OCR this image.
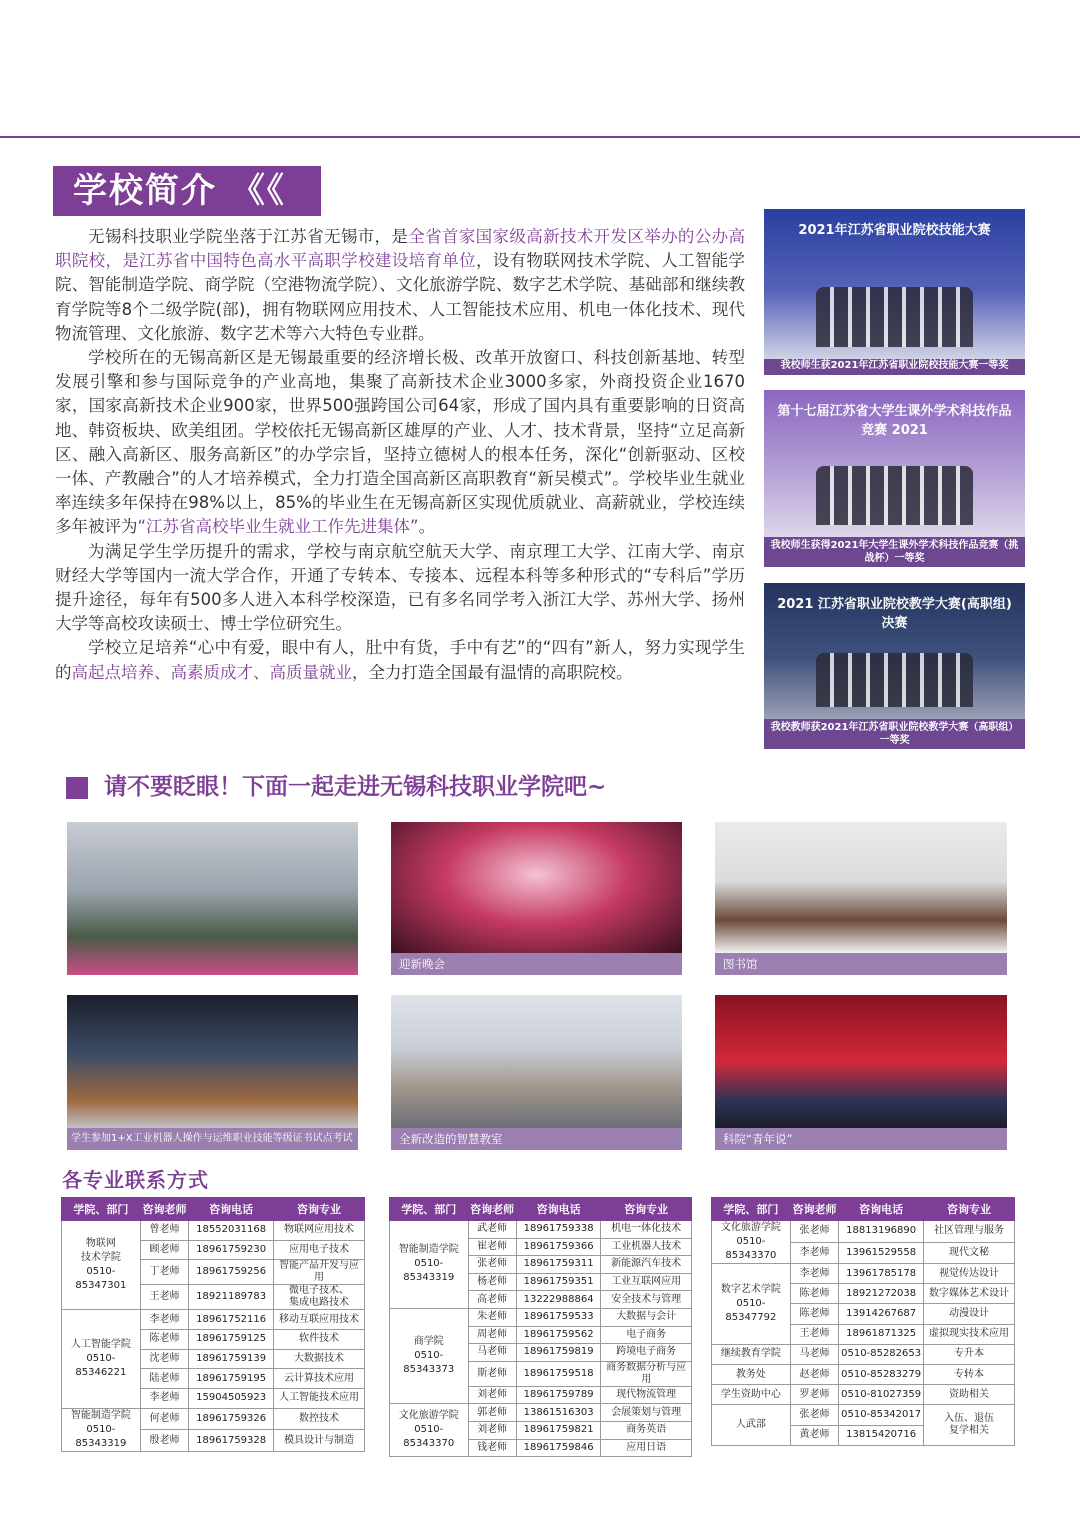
学校简介 《《

无锡科技职业学院坐落于江苏省无锡市，是全省首家国家级高新技术开发区举办的公办高职院校，是江苏省中国特色高水平高职学校建设培育单位，设有物联网技术学院、人工智能学院、智能制造学院、商学院（空港物流学院）、文化旅游学院、数字艺术学院、基础部和继续教育学院等8个二级学院(部)，拥有物联网应用技术、人工智能技术应用、机电一体化技术、现代物流管理、文化旅游、数字艺术等六大特色专业群。

学校所在的无锡高新区是无锡最重要的经济增长极、改革开放窗口、科技创新基地、转型发展引擎和参与国际竞争的产业高地，集聚了高新技术企业3000多家，外商投资企业1670家，国家高新技术企业900家，世界500强跨国公司64家，形成了国内具有重要影响的日资高地、韩资板块、欧美组团。学校依托无锡高新区雄厚的产业、人才、技术背景，坚持“立足高新区、融入高新区、服务高新区”的办学宗旨，坚持立德树人的根本任务，深化“创新驱动、区校一体、产教融合”的人才培养模式，全力打造全国高新区高职教育“新吴模式”。学校毕业生就业率连续多年保持在98%以上，85%的毕业生在无锡高新区实现优质就业、高薪就业，学校连续多年被评为“江苏省高校毕业生就业工作先进集体”。

为满足学生学历提升的需求，学校与南京航空航天大学、南京理工大学、江南大学、南京财经大学等国内一流大学合作，开通了专转本、专接本、远程本科等多种形式的“专科后”学历提升途径，每年有500多人进入本科学校深造，已有多名同学考入浙江大学、苏州大学、扬州大学等高校攻读硕士、博士学位研究生。

学校立足培养“心中有爱，眼中有人，肚中有货，手中有艺”的“四有”新人，努力实现学生的高起点培养、高素质成才、高质量就业，全力打造全国最有温情的高职院校。

2021年江苏省职业院校技能大赛
我校师生获2021年江苏省职业院校技能大赛一等奖
第十七届江苏省大学生课外学术科技作品竞赛 2021
我校师生获得2021年大学生课外学术科技作品竞赛（挑战杯）一等奖
2021 江苏省职业院校教学大赛(高职组)决赛
我校教师获2021年江苏省职业院校教学大赛（高职组）一等奖
请不要眨眼！下面一起走进无锡科技职业学院吧~
迎新晚会	图书馆
学生参加1+X工业机器人操作与运维职业技能等级证书试点考试	全新改造的智慧教室	科院“青年说”
各专业联系方式
学院、部门	咨询老师	咨询电话	咨询专业
物联网
技术学院
0510-
85347301	曾老师	18552031168	物联网应用技术
	顾老师	18961759230	应用电子技术
	丁老师	18961759256	智能产品开发与应用
	王老师	18921189783	微电子技术、
集成电路技术
人工智能学院
0510-
85346221	李老师	18961752116	移动互联应用技术
	陈老师	18961759125	软件技术
	沈老师	18961759139	大数据技术
	陆老师	18961759195	云计算技术应用
	李老师	15904505923	人工智能技术应用
智能制造学院
0510-
85343319	何老师	18961759326	数控技术
	殷老师	18961759328	模具设计与制造
学院、部门	咨询老师	咨询电话	咨询专业
智能制造学院
0510-
85343319	武老师	18961759338	机电一体化技术
	崔老师	18961759366	工业机器人技术
	张老师	18961759311	新能源汽车技术
	杨老师	18961759351	工业互联网应用
	高老师	13222988864	安全技术与管理
商学院
0510-
85343373	朱老师	18961759533	大数据与会计
	周老师	18961759562	电子商务
	马老师	18961759819	跨境电子商务
	斯老师	18961759518	商务数据分析与应用
	刘老师	18961759789	现代物流管理
文化旅游学院
0510-
85343370	郭老师	13861516303	会展策划与管理
	刘老师	18961759821	商务英语
	钱老师	18961759846	应用日语
学院、部门	咨询老师	咨询电话	咨询专业
文化旅游学院
0510-
85343370	张老师	18813196890	社区管理与服务
	李老师	13961529558	现代文秘
数字艺术学院
0510-
85347792	李老师	13961785178	视觉传达设计
	陈老师	18921272038	数字媒体艺术设计
	陈老师	13914267687	动漫设计
	王老师	18961871325	虚拟现实技术应用
继续教育学院	马老师	0510-85282653	专升本
教务处	赵老师	0510-85283279	专转本
学生资助中心	罗老师	0510-81027359	资助相关
人武部	张老师	0510-85342017	入伍、退伍
复学相关
	黄老师	13815420716	
